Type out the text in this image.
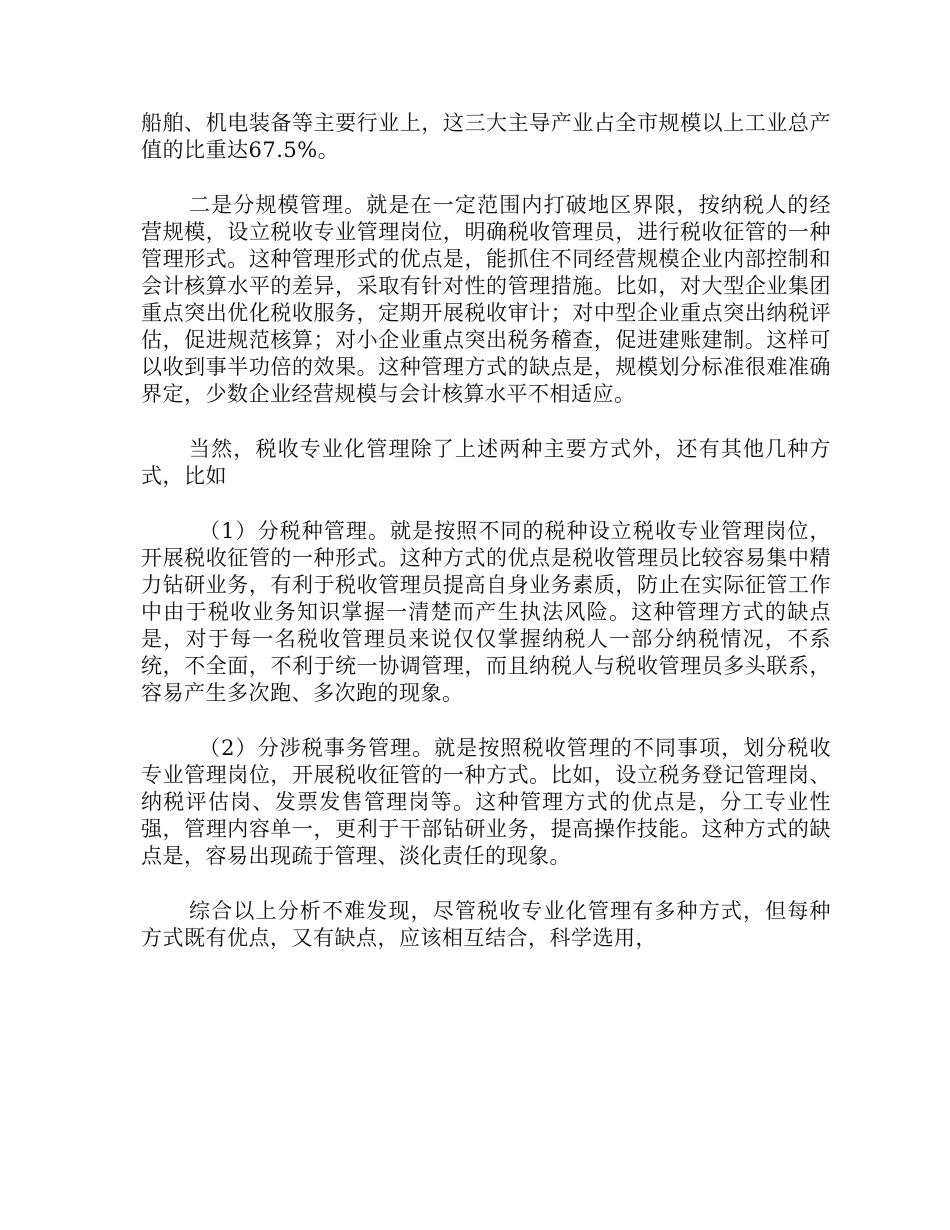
船舶、机电装备等主要行业上，这三大主导产业占全市规模以上工业总产值的比重达67.5%。

二是分规模管理。就是在一定范围内打破地区界限，按纳税人的经营规模，设立税收专业管理岗位，明确税收管理员，进行税收征管的一种管理形式。这种管理形式的优点是，能抓住不同经营规模企业内部控制和会计核算水平的差异，采取有针对性的管理措施。比如，对大型企业集团重点突出优化税收服务，定期开展税收审计；对中型企业重点突出纳税评估，促进规范核算；对小企业重点突出税务稽查，促进建账建制。这样可以收到事半功倍的效果。这种管理方式的缺点是，规模划分标准很难准确界定，少数企业经营规模与会计核算水平不相适应。

当然，税收专业化管理除了上述两种主要方式外，还有其他几种方式，比如

（1）分税种管理。就是按照不同的税种设立税收专业管理岗位，开展税收征管的一种形式。这种方式的优点是税收管理员比较容易集中精力钻研业务，有利于税收管理员提高自身业务素质，防止在实际征管工作中由于税收业务知识掌握一清楚而产生执法风险。这种管理方式的缺点是，对于每一名税收管理员来说仅仅掌握纳税人一部分纳税情况，不系统，不全面，不利于统一协调管理，而且纳税人与税收管理员多头联系，容易产生多次跑、多次跑的现象。

（2）分涉税事务管理。就是按照税收管理的不同事项，划分税收专业管理岗位，开展税收征管的一种方式。比如，设立税务登记管理岗、纳税评估岗、发票发售管理岗等。这种管理方式的优点是，分工专业性强，管理内容单一，更利于干部钻研业务，提高操作技能。这种方式的缺点是，容易出现疏于管理、淡化责任的现象。

综合以上分析不难发现，尽管税收专业化管理有多种方式，但每种方式既有优点，又有缺点，应该相互结合，科学选用，
